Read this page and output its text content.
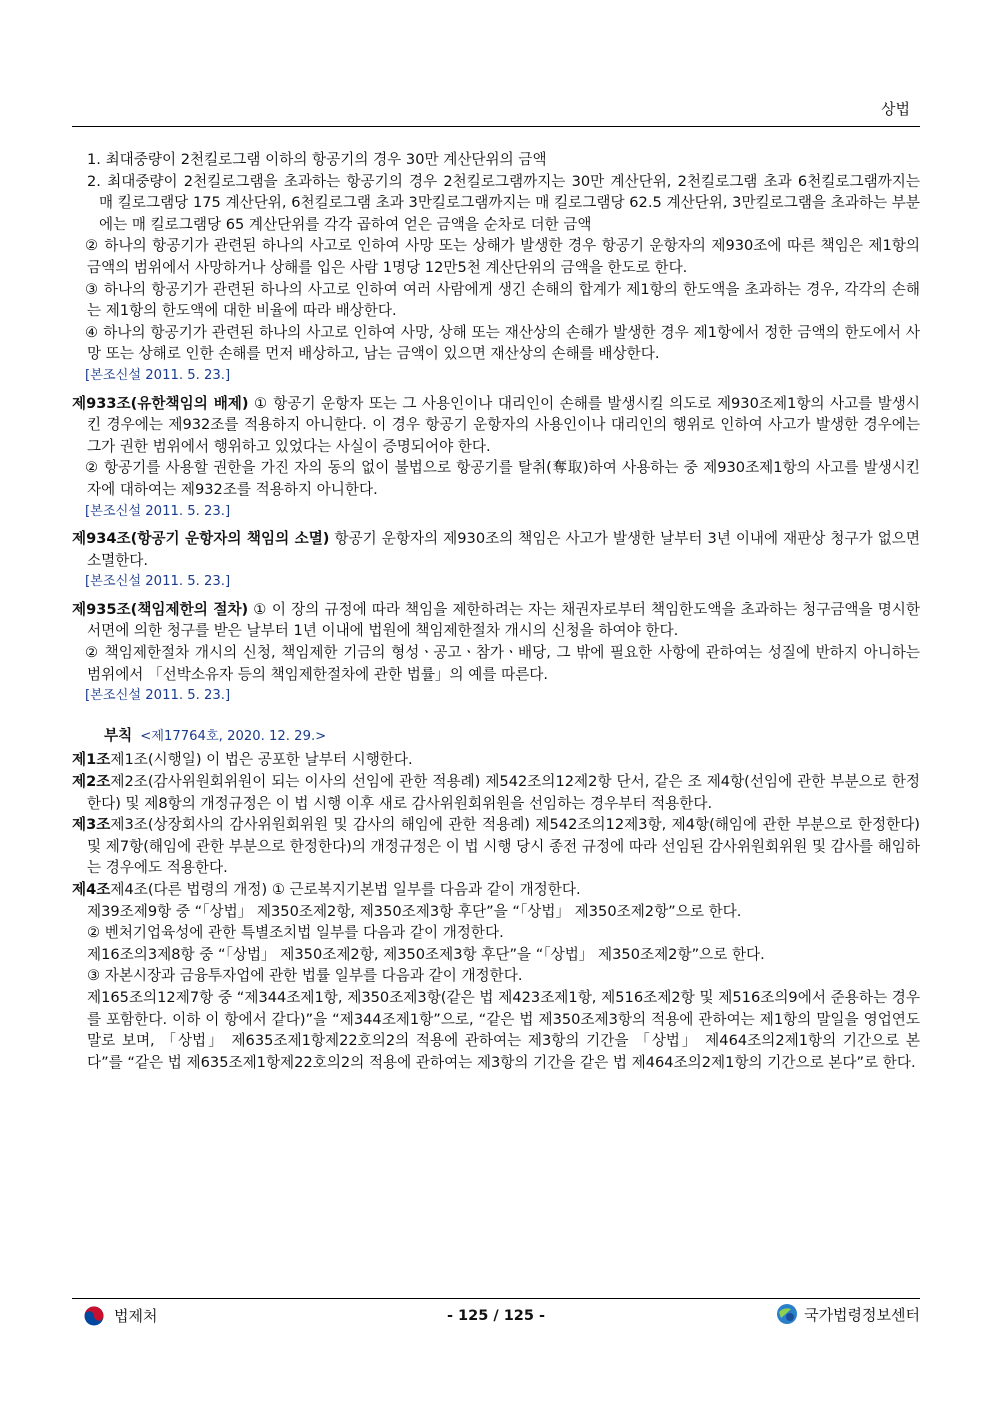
상법
1. 최대중량이 2천킬로그램 이하의 항공기의 경우 30만 계산단위의 금액
2. 최대중량이 2천킬로그램을 초과하는 항공기의 경우 2천킬로그램까지는 30만 계산단위, 2천킬로그램 초과 6천킬로그램까지는 매 킬로그램당 175 계산단위, 6천킬로그램 초과 3만킬로그램까지는 매 킬로그램당 62.5 계산단위, 3만킬로그램을 초과하는 부분에는 매 킬로그램당 65 계산단위를 각각 곱하여 얻은 금액을 순차로 더한 금액
② 하나의 항공기가 관련된 하나의 사고로 인하여 사망 또는 상해가 발생한 경우 항공기 운항자의 제930조에 따른 책임은 제1항의 금액의 범위에서 사망하거나 상해를 입은 사람 1명당 12만5천 계산단위의 금액을 한도로 한다.
③ 하나의 항공기가 관련된 하나의 사고로 인하여 여러 사람에게 생긴 손해의 합계가 제1항의 한도액을 초과하는 경우, 각각의 손해는 제1항의 한도액에 대한 비율에 따라 배상한다.
④ 하나의 항공기가 관련된 하나의 사고로 인하여 사망, 상해 또는 재산상의 손해가 발생한 경우 제1항에서 정한 금액의 한도에서 사망 또는 상해로 인한 손해를 먼저 배상하고, 남는 금액이 있으면 재산상의 손해를 배상한다.
[본조신설 2011. 5. 23.]
제933조(유한책임의 배제) ① 항공기 운항자 또는 그 사용인이나 대리인이 손해를 발생시킬 의도로 제930조제1항의 사고를 발생시킨 경우에는 제932조를 적용하지 아니한다. 이 경우 항공기 운항자의 사용인이나 대리인의 행위로 인하여 사고가 발생한 경우에는 그가 권한 범위에서 행위하고 있었다는 사실이 증명되어야 한다.
② 항공기를 사용할 권한을 가진 자의 동의 없이 불법으로 항공기를 탈취(奪取)하여 사용하는 중 제930조제1항의 사고를 발생시킨 자에 대하여는 제932조를 적용하지 아니한다.
[본조신설 2011. 5. 23.]
제934조(항공기 운항자의 책임의 소멸) 항공기 운항자의 제930조의 책임은 사고가 발생한 날부터 3년 이내에 재판상 청구가 없으면 소멸한다.
[본조신설 2011. 5. 23.]
제935조(책임제한의 절차) ① 이 장의 규정에 따라 책임을 제한하려는 자는 채권자로부터 책임한도액을 초과하는 청구금액을 명시한 서면에 의한 청구를 받은 날부터 1년 이내에 법원에 책임제한절차 개시의 신청을 하여야 한다.
② 책임제한절차 개시의 신청, 책임제한 기금의 형성ㆍ공고ㆍ참가ㆍ배당, 그 밖에 필요한 사항에 관하여는 성질에 반하지 아니하는 범위에서 「선박소유자 등의 책임제한절차에 관한 법률」의 예를 따른다.
[본조신설 2011. 5. 23.]
부칙 <제17764호, 2020. 12. 29.>
제1조제1조(시행일) 이 법은 공포한 날부터 시행한다.
제2조제2조(감사위원회위원이 되는 이사의 선임에 관한 적용례) 제542조의12제2항 단서, 같은 조 제4항(선임에 관한 부분으로 한정한다) 및 제8항의 개정규정은 이 법 시행 이후 새로 감사위원회위원을 선임하는 경우부터 적용한다.
제3조제3조(상장회사의 감사위원회위원 및 감사의 해임에 관한 적용례) 제542조의12제3항, 제4항(해임에 관한 부분으로 한정한다) 및 제7항(해임에 관한 부분으로 한정한다)의 개정규정은 이 법 시행 당시 종전 규정에 따라 선임된 감사위원회위원 및 감사를 해임하는 경우에도 적용한다.
제4조제4조(다른 법령의 개정) ① 근로복지기본법 일부를 다음과 같이 개정한다.
제39조제9항 중 “「상법」 제350조제2항, 제350조제3항 후단”을 “「상법」 제350조제2항”으로 한다.
② 벤처기업육성에 관한 특별조치법 일부를 다음과 같이 개정한다.
제16조의3제8항 중 “「상법」 제350조제2항, 제350조제3항 후단”을 “「상법」 제350조제2항”으로 한다.
③ 자본시장과 금융투자업에 관한 법률 일부를 다음과 같이 개정한다.
제165조의12제7항 중 “제344조제1항, 제350조제3항(같은 법 제423조제1항, 제516조제2항 및 제516조의9에서 준용하는 경우를 포함한다. 이하 이 항에서 같다)”을 “제344조제1항”으로, “같은 법 제350조제3항의 적용에 관하여는 제1항의 말일을 영업연도 말로 보며, 「상법」 제635조제1항제22호의2의 적용에 관하여는 제3항의 기간을 「상법」 제464조의2제1항의 기간으로 본다”를 “같은 법 제635조제1항제22호의2의 적용에 관하여는 제3항의 기간을 같은 법 제464조의2제1항의 기간으로 본다”로 한다.
법제처	- 125 / 125 -	국가법령정보센터
